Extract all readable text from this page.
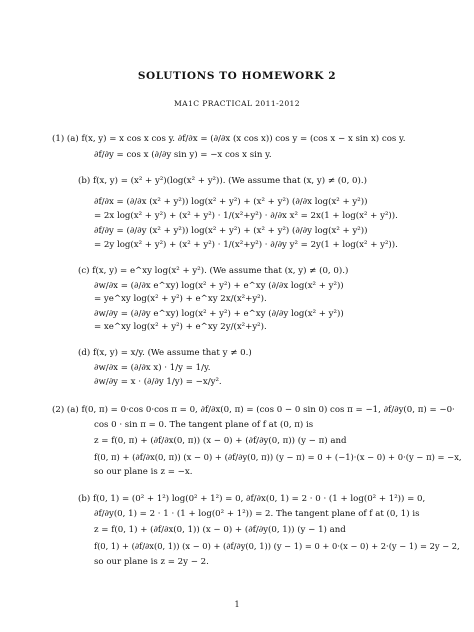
SOLUTIONS TO HOMEWORK 2
MA1C PRACTICAL 2011-2012
(1) (a) f(x, y) = x cos x cos y. ∂f/∂x = (∂/∂x (x cos x)) cos y = (cos x − x sin x) cos y.
∂f/∂y = cos x (∂/∂y sin y) = −x cos x sin y.
(b) f(x, y) = (x² + y²)(log(x² + y²)). (We assume that (x, y) ≠ (0, 0).)
∂f/∂x = (∂/∂x (x² + y²)) log(x² + y²) + (x² + y²) (∂/∂x log(x² + y²))
= 2x log(x² + y²) + (x² + y²) · 1/(x²+y²) · ∂/∂x x² = 2x(1 + log(x² + y²)).
∂f/∂y = (∂/∂y (x² + y²)) log(x² + y²) + (x² + y²) (∂/∂y log(x² + y²))
= 2y log(x² + y²) + (x² + y²) · 1/(x²+y²) · ∂/∂y y² = 2y(1 + log(x² + y²)).
(c) f(x, y) = e^xy log(x² + y²). (We assume that (x, y) ≠ (0, 0).)
∂w/∂x = (∂/∂x e^xy) log(x² + y²) + e^xy (∂/∂x log(x² + y²))
= ye^xy log(x² + y²) + e^xy 2x/(x²+y²).
∂w/∂y = (∂/∂y e^xy) log(x² + y²) + e^xy (∂/∂y log(x² + y²))
= xe^xy log(x² + y²) + e^xy 2y/(x²+y²).
(d) f(x, y) = x/y. (We assume that y ≠ 0.)
∂w/∂x = (∂/∂x x) · 1/y = 1/y.
∂w/∂y = x · (∂/∂y 1/y) = −x/y².
(2) (a) f(0, π) = 0·cos 0·cos π = 0, ∂f/∂x(0, π) = (cos 0 − 0 sin 0) cos π = −1, ∂f/∂y(0, π) = −0·
cos 0 · sin π = 0. The tangent plane of f at (0, π) is
z = f(0, π) + (∂f/∂x(0, π)) (x − 0) + (∂f/∂y(0, π)) (y − π) and
f(0, π) + (∂f/∂x(0, π)) (x − 0) + (∂f/∂y(0, π)) (y − π) = 0 + (−1)·(x − 0) + 0·(y − π) = −x,
so our plane is z = −x.
(b) f(0, 1) = (0² + 1²) log(0² + 1²) = 0, ∂f/∂x(0, 1) = 2 · 0 · (1 + log(0² + 1²)) = 0,
∂f/∂y(0, 1) = 2 · 1 · (1 + log(0² + 1²)) = 2. The tangent plane of f at (0, 1) is
z = f(0, 1) + (∂f/∂x(0, 1)) (x − 0) + (∂f/∂y(0, 1)) (y − 1) and
f(0, 1) + (∂f/∂x(0, 1)) (x − 0) + (∂f/∂y(0, 1)) (y − 1) = 0 + 0·(x − 0) + 2·(y − 1) = 2y − 2,
so our plane is z = 2y − 2.
1
